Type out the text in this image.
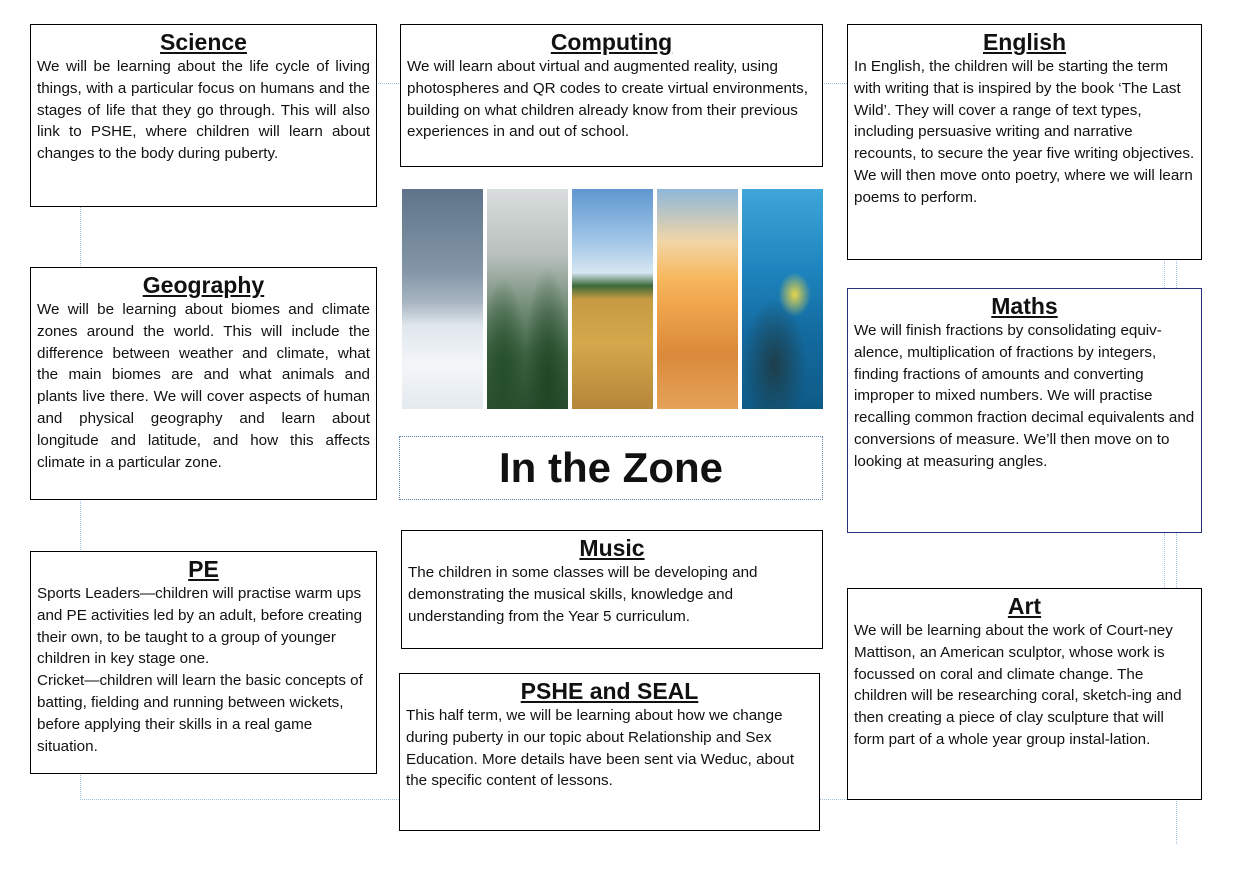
Science

We will be learning about the life cycle of living things, with a particular focus on humans and the stages of life that they go through. This will also link to PSHE, where children will learn about changes to the body during puberty.

Computing

We will learn about virtual and augmented reality, using photospheres and QR codes to create virtual environments, building on what children already know from their previous experiences in and out of school.

English

In English, the children will be starting the term with writing that is inspired by the book ‘The Last Wild’. They will cover a range of text types, including persuasive writing and narrative recounts, to secure the year five writing objectives. We will then move onto poetry, where we will learn poems to perform.

Geography

We will be learning about biomes and climate zones around the world. This will include the difference between weather and climate, what the main biomes are and what animals and plants live there. We will cover aspects of human and physical geography and learn about longitude and latitude, and how this affects climate in a particular zone.

Maths

We will finish fractions by consolidating equiv-alence, multiplication of fractions by integers, finding fractions of amounts and converting improper to mixed numbers. We will practise recalling common fraction decimal equivalents and conversions of measure. We’ll then move on to looking at measuring angles.

In the Zone
Music

The children in some classes will be developing and demonstrating the musical skills, knowledge and understanding from the Year 5 curriculum.

PE

Sports Leaders—children will practise warm ups and PE activities led by an adult, before creating their own, to be taught to a group of younger children in key stage one.

Cricket—children will learn the basic concepts of batting, fielding and running between wickets, before applying their skills in a real game situation.

Art

We will be learning about the work of Court-ney Mattison, an American sculptor, whose work is focussed on coral and climate change. The children will be researching coral, sketch-ing and then creating a piece of clay sculpture that will form part of a whole year group instal-lation.

PSHE and SEAL

This half term, we will be learning about how we change during puberty in our topic about Relationship and Sex Education. More details have been sent via Weduc, about the specific content of lessons.
